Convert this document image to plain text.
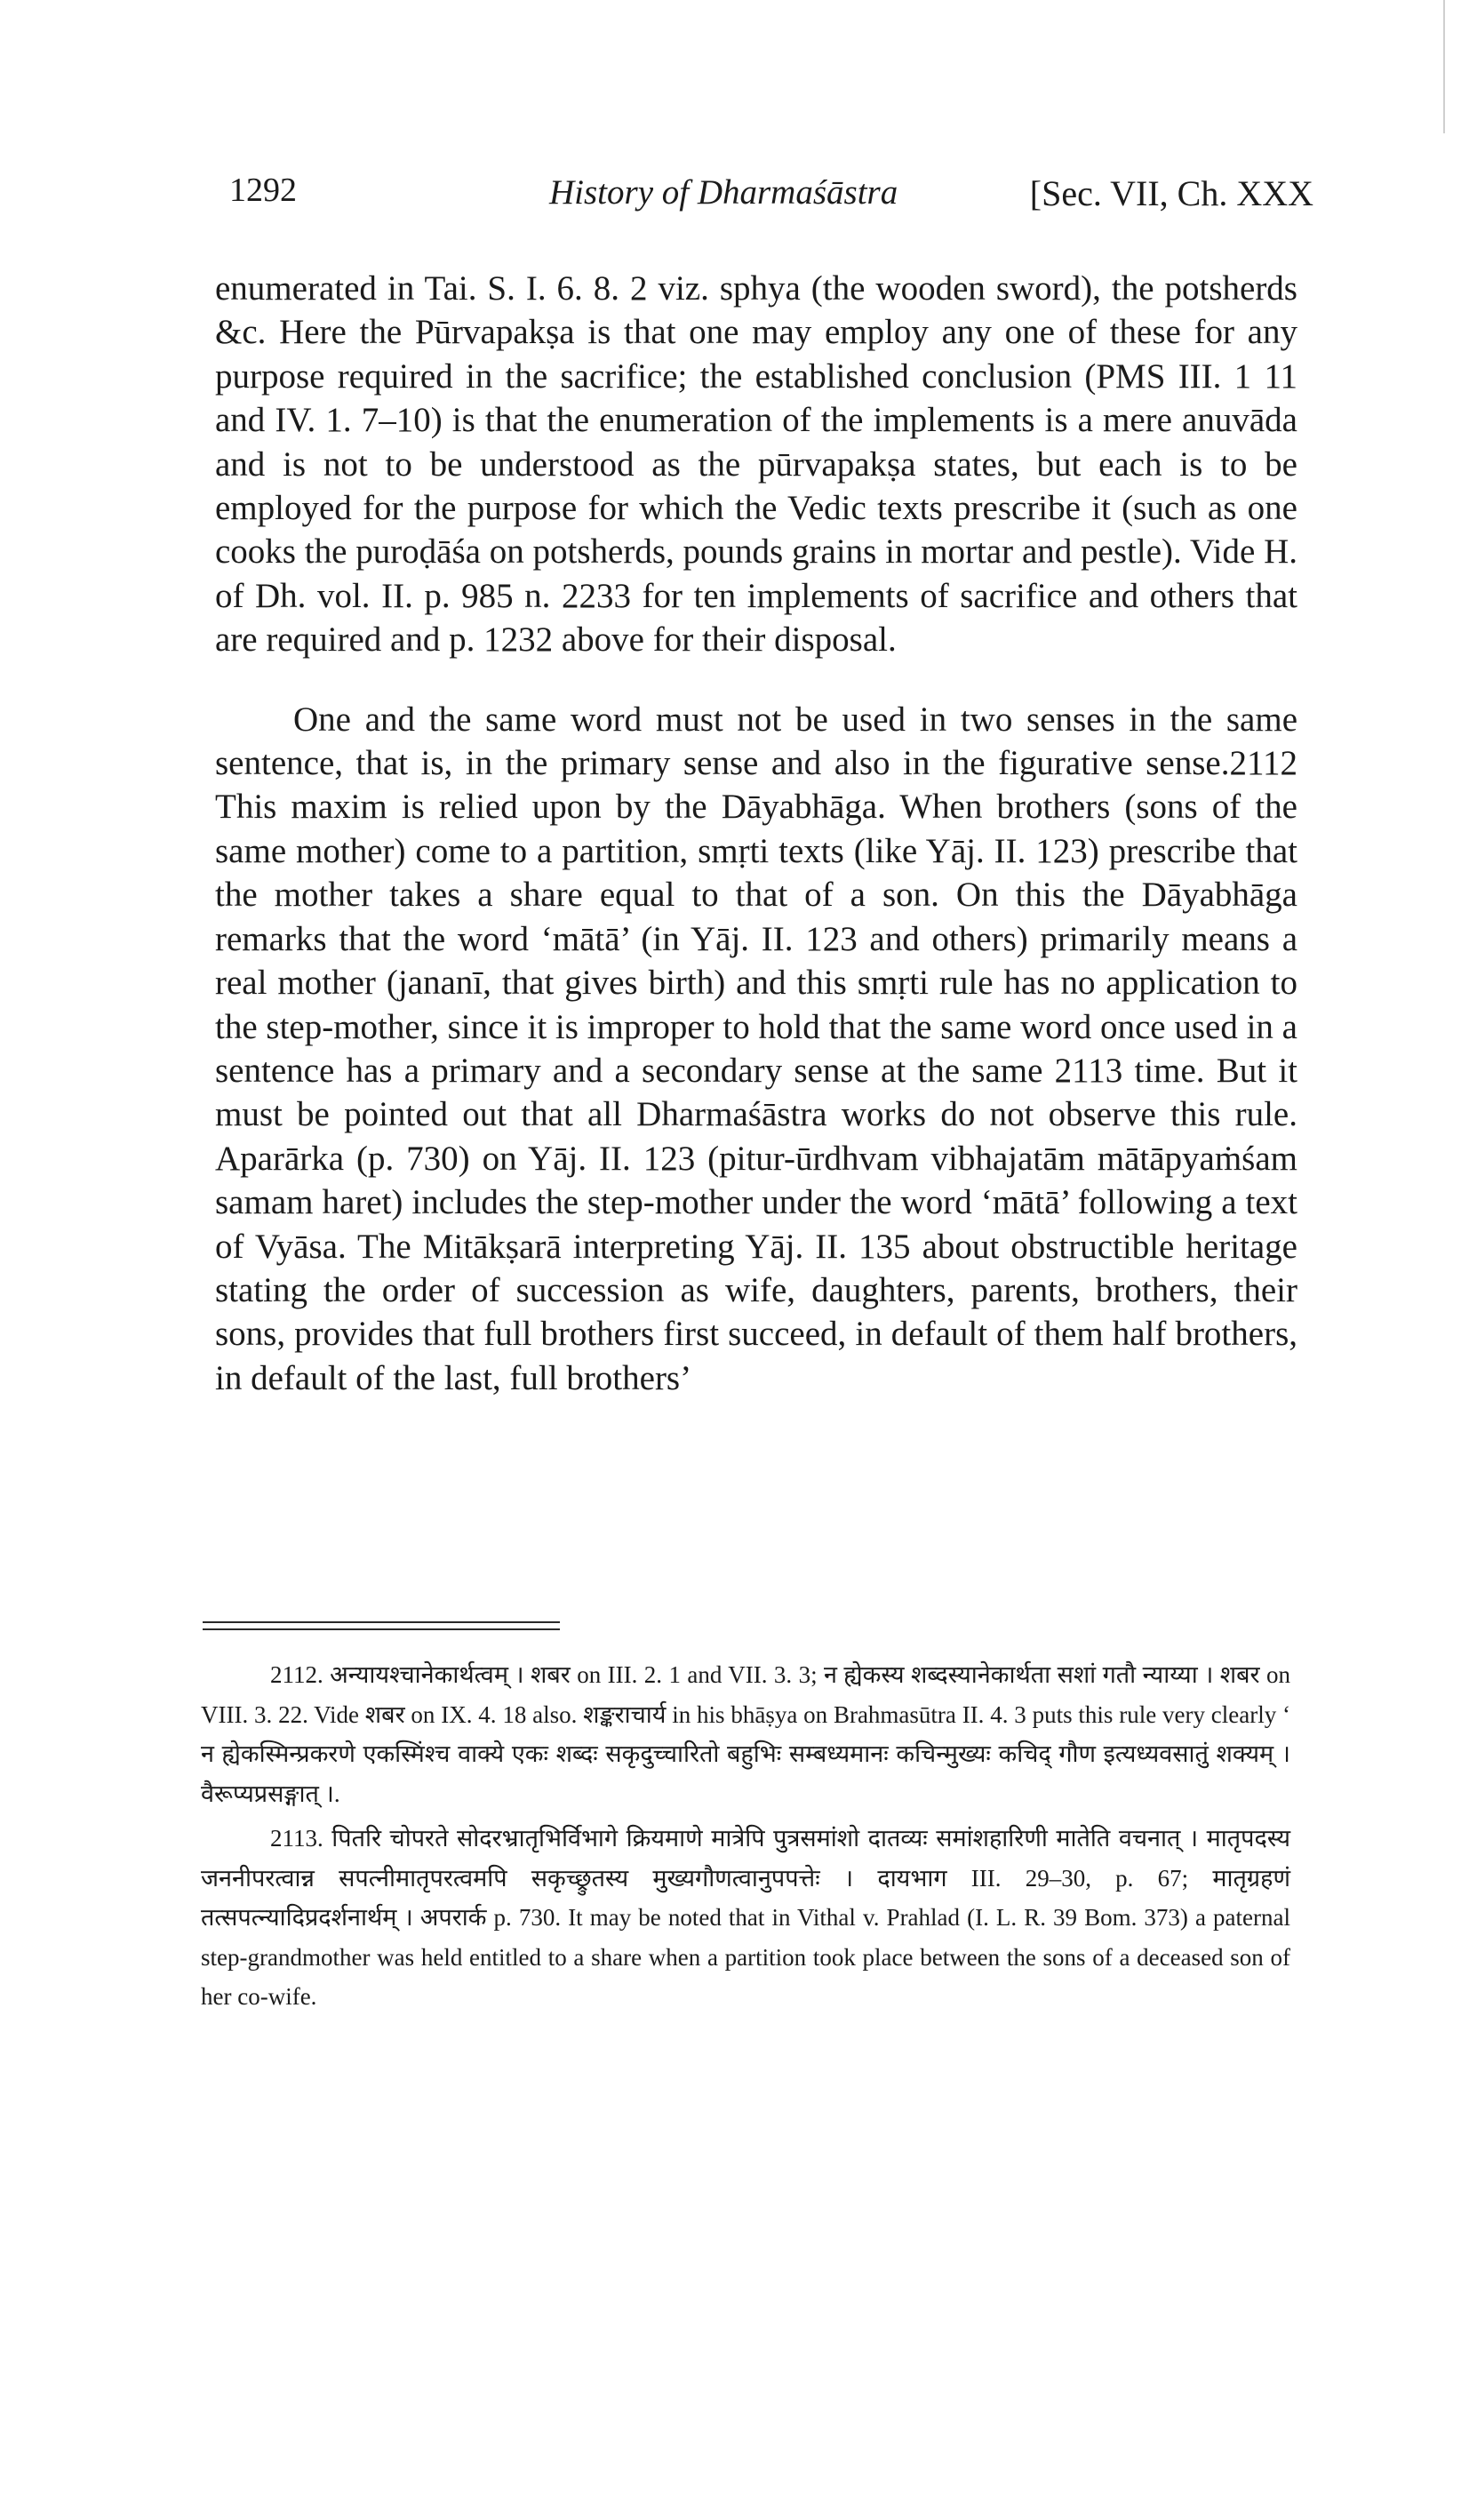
1292	History of Dharmaśāstra	[Sec. VII, Ch. XXX

enumerated in Tai. S. I. 6. 8. 2 viz. sphya (the wooden sword), the potsherds &c. Here the Pūrvapakṣa is that one may employ any one of these for any purpose required in the sacrifice; the established conclusion (PMS III. 1 11 and IV. 1. 7–10) is that the enumeration of the implements is a mere anuvāda and is not to be understood as the pūrvapakṣa states, but each is to be employed for the purpose for which the Vedic texts prescribe it (such as one cooks the puroḍāśa on potsherds, pounds grains in mortar and pestle). Vide H. of Dh. vol. II. p. 985 n. 2233 for ten implements of sacrifice and others that are required and p. 1232 above for their disposal.

One and the same word must not be used in two senses in the same sentence, that is, in the primary sense and also in the figurative sense.2112 This maxim is relied upon by the Dāyabhāga. When brothers (sons of the same mother) come to a partition, smṛti texts (like Yāj. II. 123) prescribe that the mother takes a share equal to that of a son. On this the Dāyabhāga remarks that the word ‘mātā’ (in Yāj. II. 123 and others) primarily means a real mother (jananī, that gives birth) and this smṛti rule has no application to the step-mother, since it is improper to hold that the same word once used in a sentence has a primary and a secondary sense at the same 2113 time. But it must be pointed out that all Dharmaśāstra works do not observe this rule. Aparārka (p. 730) on Yāj. II. 123 (pitur-ūrdhvam vibhajatām mātāpyaṁśam samam haret) includes the step-mother under the word ‘mātā’ following a text of Vyāsa. The Mitākṣarā interpreting Yāj. II. 135 about obstructible heritage stating the order of succession as wife, daughters, parents, brothers, their sons, provides that full brothers first succeed, in default of them half brothers, in default of the last, full brothers’

2112. अन्यायश्चानेकार्थत्वम् । शबर on III. 2. 1 and VII. 3. 3; न ह्येकस्य शब्दस्यानेकार्थता सशां गतौ न्याय्या । शबर on VIII. 3. 22. Vide शबर on IX. 4. 18 also. शङ्कराचार्य in his bhāṣya on Brahmasūtra II. 4. 3 puts this rule very clearly ‘ न ह्येकस्मिन्प्रकरणे एकस्मिंश्च वाक्ये एकः शब्दः सकृदुच्चारितो बहुभिः सम्बध्यमानः कचिन्मुख्यः कचिद् गौण इत्यध्यवसातुं शक्यम् । वैरूप्यप्रसङ्गात् ।.

2113. पितरि चोपरते सोदरभ्रातृभिर्विभागे क्रियमाणे मात्रेपि पुत्रसमांशो दातव्यः समांशहारिणी मातेति वचनात् । मातृपदस्य जननीपरत्वान्न सपत्नीमातृपरत्वमपि सकृच्छ्रुतस्य मुख्यगौणत्वानुपपत्तेः । दायभाग III. 29–30, p. 67; मातृग्रहणं तत्सपत्न्यादिप्रदर्शनार्थम् । अपरार्क p. 730. It may be noted that in Vithal v. Prahlad (I. L. R. 39 Bom. 373) a paternal step-grandmother was held entitled to a share when a partition took place between the sons of a deceased son of her co-wife.
